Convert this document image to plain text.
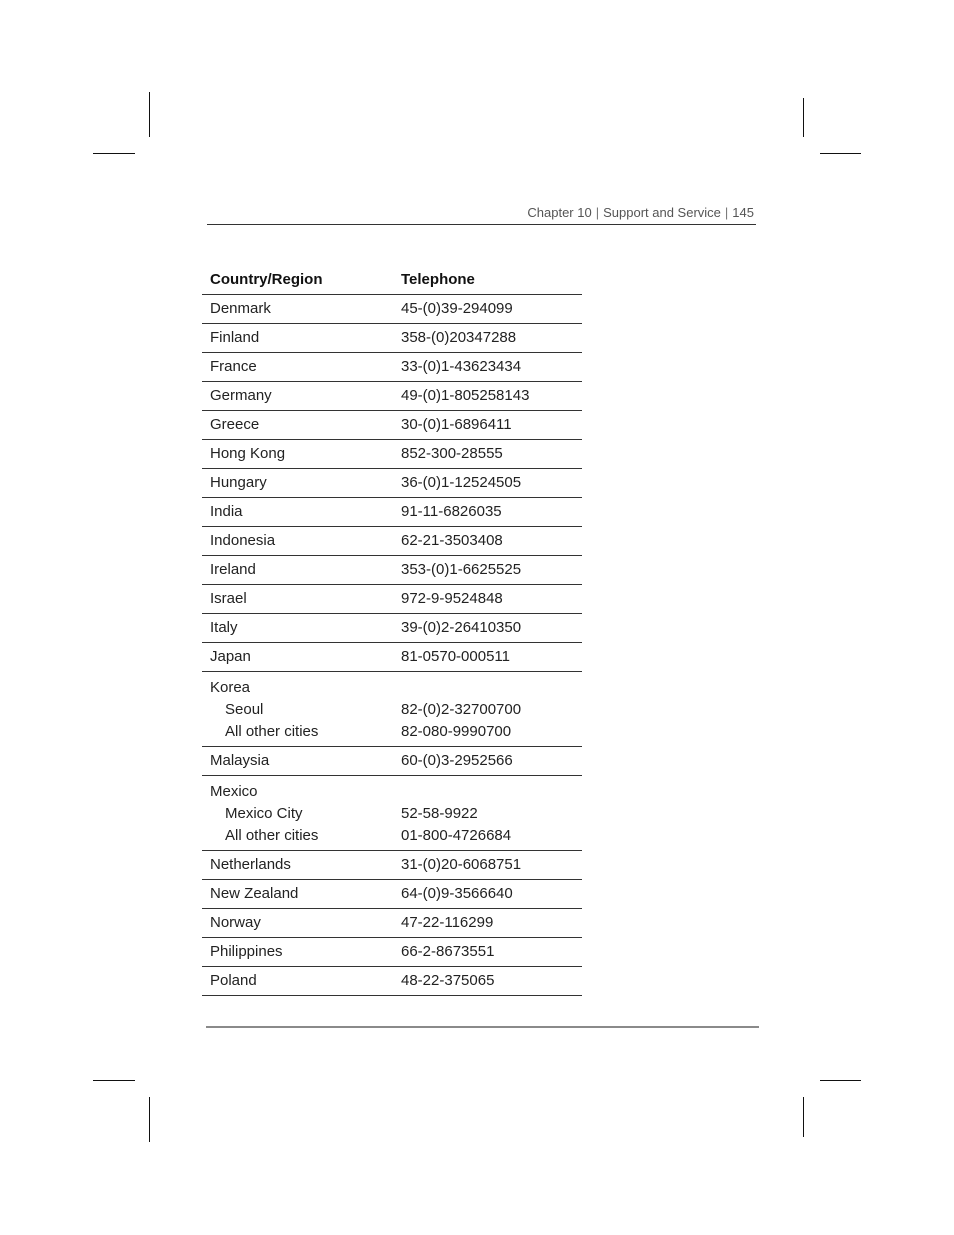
Chapter 10 | Support and Service | 145
Country/Region	Telephone
Denmark	45-(0)39-294099
Finland	358-(0)20347288
France	33-(0)1-43623434
Germany	49-(0)1-805258143
Greece	30-(0)1-6896411
Hong Kong	852-300-28555
Hungary	36-(0)1-12524505
India	91-11-6826035
Indonesia	62-21-3503408
Ireland	353-(0)1-6625525
Israel	972-9-9524848
Italy	39-(0)2-26410350
Japan	81-0570-000511
Korea
Seoul	82-(0)2-32700700
All other cities	82-080-9990700
Malaysia	60-(0)3-2952566
Mexico
Mexico City	52-58-9922
All other cities	01-800-4726684
Netherlands	31-(0)20-6068751
New Zealand	64-(0)9-3566640
Norway	47-22-116299
Philippines	66-2-8673551
Poland	48-22-375065
